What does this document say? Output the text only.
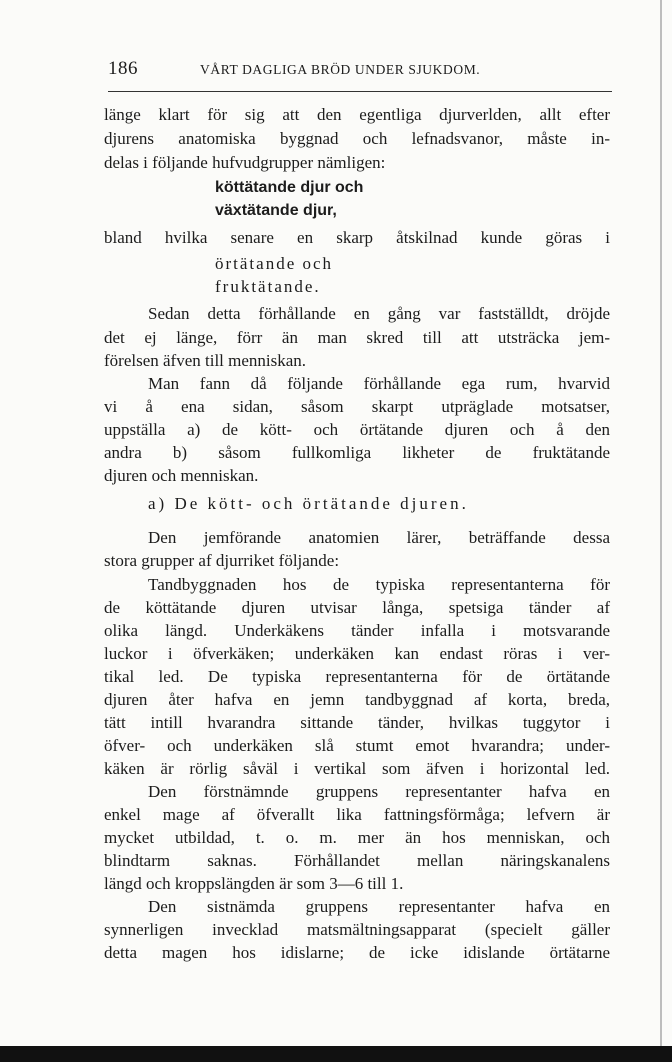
186	VÅRT DAGLIGA BRÖD UNDER SJUKDOM.
länge klart för sig att den egentliga djurverlden, allt efter
djurens anatomiska byggnad och lefnadsvanor, måste in-
delas i följande hufvudgrupper nämligen:
köttätande djur och
växtätande djur,
bland hvilka senare en skarp åtskilnad kunde göras i
örtätande och
fruktätande.
Sedan detta förhållande en gång var fastställdt, dröjde
det ej länge, förr än man skred till att utsträcka jem-
förelsen äfven till menniskan.
Man fann då följande förhållande ega rum, hvarvid
vi å ena sidan, såsom skarpt utpräglade motsatser,
uppställa a) de kött- och örtätande djuren och å den
andra b) såsom fullkomliga likheter de fruktätande
djuren och menniskan.
a) De kött- och örtätande djuren.
Den jemförande anatomien lärer, beträffande dessa
stora grupper af djurriket följande:
Tandbyggnaden hos de typiska representanterna för
de köttätande djuren utvisar långa, spetsiga tänder af
olika längd. Underkäkens tänder infalla i motsvarande
luckor i öfverkäken; underkäken kan endast röras i ver-
tikal led. De typiska representanterna för de örtätande
djuren åter hafva en jemn tandbyggnad af korta, breda,
tätt intill hvarandra sittande tänder, hvilkas tuggytor i
öfver- och underkäken slå stumt emot hvarandra; under-
käken är rörlig såväl i vertikal som äfven i horizontal led.
Den förstnämnde gruppens representanter hafva en
enkel mage af öfverallt lika fattningsförmåga; lefvern är
mycket utbildad, t. o. m. mer än hos menniskan, och
blindtarm saknas. Förhållandet mellan näringskanalens
längd och kroppslängden är som 3—6 till 1.
Den sistnämda gruppens representanter hafva en
synnerligen invecklad matsmältningsapparat (specielt gäller
detta magen hos idislarne; de icke idislande örtätarne
